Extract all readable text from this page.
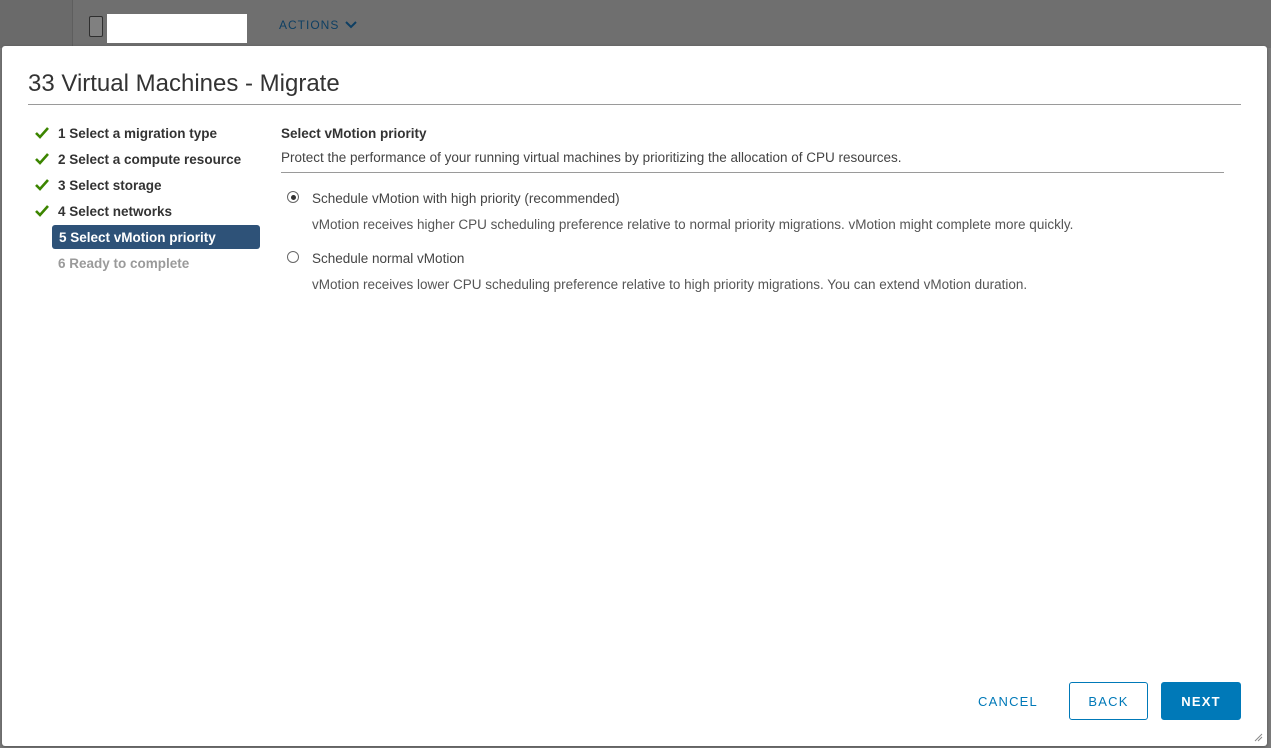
ACTIONS
33 Virtual Machines - Migrate
1 Select a migration type
2 Select a compute resource
3 Select storage
4 Select networks
5 Select vMotion priority
6 Ready to complete
Select vMotion priority

Protect the performance of your running virtual machines by prioritizing the allocation of CPU resources.

Schedule vMotion with high priority (recommended)
vMotion receives higher CPU scheduling preference relative to normal priority migrations. vMotion might complete more quickly.
Schedule normal vMotion
vMotion receives lower CPU scheduling preference relative to high priority migrations. You can extend vMotion duration.
CANCEL	BACK	NEXT
